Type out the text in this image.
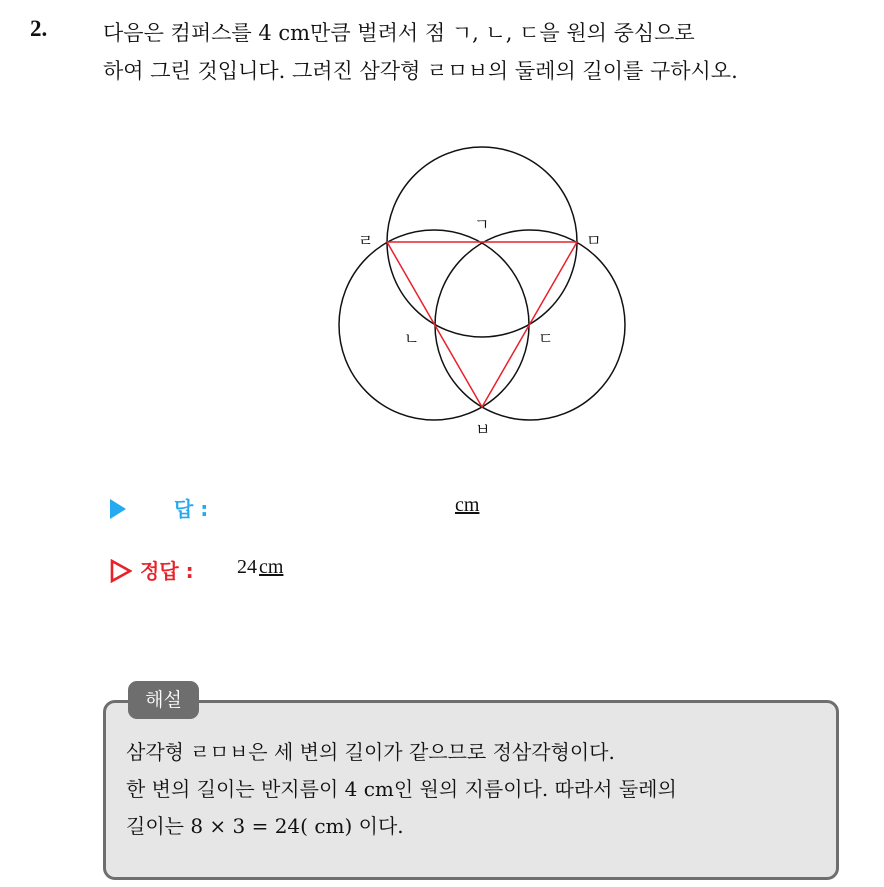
2.	다음은 컴퍼스를 4 cm만큼 벌려서 점 ㄱ, ㄴ, ㄷ을 원의 중심으로
하여 그린 것입니다. 그려진 삼각형 ㄹㅁㅂ의 둘레의 길이를 구하시오.
ㄱ
ㄹ	ㅁ
ㄴ	ㄷ
ㅂ
답 :	cm
정답 : 24 cm
해설
삼각형 ㄹㅁㅂ은 세 변의 길이가 같으므로 정삼각형이다.
한 변의 길이는 반지름이 4 cm인 원의 지름이다. 따라서 둘레의
길이는 8 × 3 = 24( cm) 이다.
